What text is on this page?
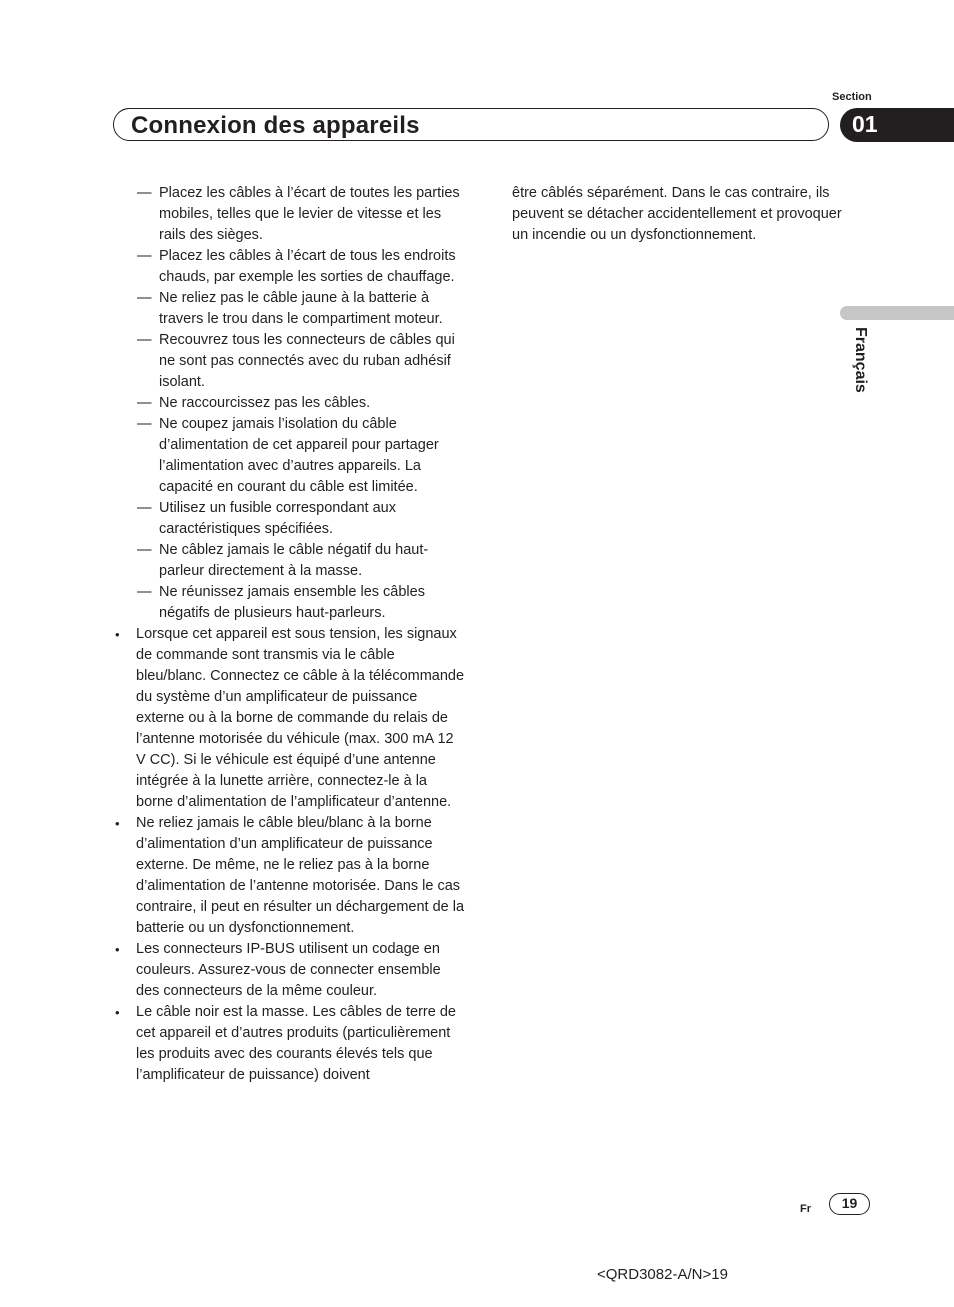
Section
Connexion des appareils	01
Français
— Placez les câbles à l’écart de toutes les parties mobiles, telles que le levier de vitesse et les rails des sièges.
— Placez les câbles à l’écart de tous les endroits chauds, par exemple les sorties de chauffage.
— Ne reliez pas le câble jaune à la batterie à travers le trou dans le compartiment moteur.
— Recouvrez tous les connecteurs de câbles qui ne sont pas connectés avec du ruban adhésif isolant.
— Ne raccourcissez pas les câbles.
— Ne coupez jamais l’isolation du câble d’alimentation de cet appareil pour partager l’alimentation avec d’autres appareils. La capacité en courant du câble est limitée.
— Utilisez un fusible correspondant aux caractéristiques spécifiées.
— Ne câblez jamais le câble négatif du haut-parleur directement à la masse.
— Ne réunissez jamais ensemble les câbles négatifs de plusieurs haut-parleurs.
• Lorsque cet appareil est sous tension, les signaux de commande sont transmis via le câble bleu/blanc. Connectez ce câble à la télécommande du système d’un amplificateur de puissance externe ou à la borne de commande du relais de l’antenne motorisée du véhicule (max. 300 mA 12 V CC). Si le véhicule est équipé d’une antenne intégrée à la lunette arrière, connectez-le à la borne d’alimentation de l’amplificateur d’antenne.
• Ne reliez jamais le câble bleu/blanc à la borne d’alimentation d’un amplificateur de puissance externe. De même, ne le reliez pas à la borne d’alimentation de l’antenne motorisée. Dans le cas contraire, il peut en résulter un déchargement de la batterie ou un dysfonctionnement.
• Les connecteurs IP-BUS utilisent un codage en couleurs. Assurez-vous de connecter ensemble des connecteurs de la même couleur.
• Le câble noir est la masse. Les câbles de terre de cet appareil et d’autres produits (particulièrement les produits avec des courants élevés tels que l’amplificateur de puissance) doivent
être câblés séparément. Dans le cas contraire, ils peuvent se détacher accidentellement et provoquer un incendie ou un dysfonctionnement.
Fr	19
<QRD3082-A/N>19
